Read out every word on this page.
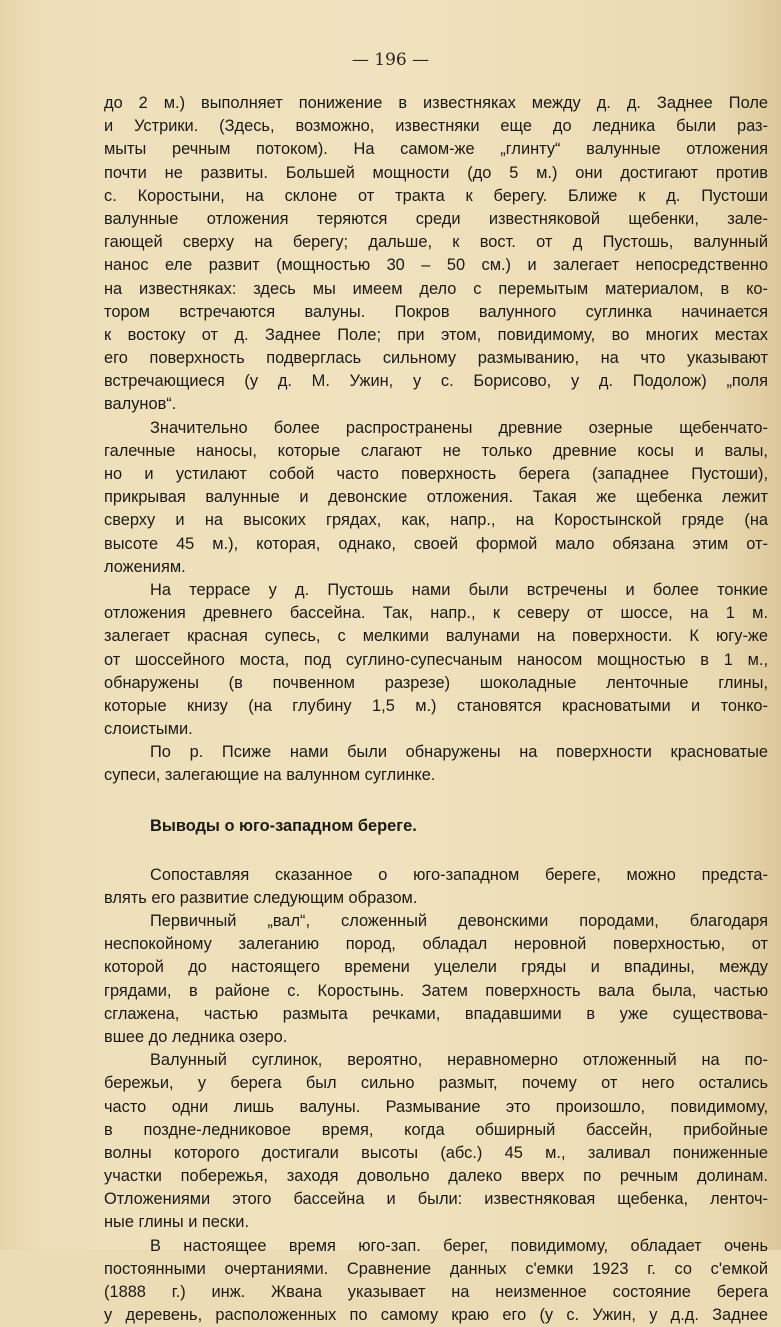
— 196 —
до 2 м.) выполняет понижение в известняках между д. д. Заднее Поле
и Устрики. (Здесь, возможно, известняки еще до ледника были раз-
мыты речным потоком). На самом-же „глинту“ валунные отложения
почти не развиты. Большей мощности (до 5 м.) они достигают против
с. Коростыни, на склоне от тракта к берегу. Ближе к д. Пустоши
валунные отложения теряются среди известняковой щебенки, зале-
гающей сверху на берегу; дальше, к вост. от д Пустошь, валунный
нанос еле развит (мощностью 30 – 50 см.) и залегает непосредственно
на известняках: здесь мы имеем дело с перемытым материалом, в ко-
тором встречаются валуны. Покров валунного суглинка начинается
к востоку от д. Заднее Поле; при этом, повидимому, во многих местах
его поверхность подверглась сильному размыванию, на что указывают
встречающиеся (у д. М. Ужин, у с. Борисово, у д. Подолож) „поля
валунов“.
Значительно более распространены древние озерные щебенчато-
галечные наносы, которые слагают не только древние косы и валы,
но и устилают собой часто поверхность берега (западнее Пустоши),
прикрывая валунные и девонские отложения. Такая же щебенка лежит
сверху и на высоких грядах, как, напр., на Коростынской гряде (на
высоте 45 м.), которая, однако, своей формой мало обязана этим от-
ложениям.
На террасе у д. Пустошь нами были встречены и более тонкие
отложения древнего бассейна. Так, напр., к северу от шоссе, на 1 м.
залегает красная супесь, с мелкими валунами на поверхности. К югу-же
от шоссейного моста, под суглино-супесчаным наносом мощностью в 1 м.,
обнаружены (в почвенном разрезе) шоколадные ленточные глины,
которые книзу (на глубину 1,5 м.) становятся красноватыми и тонко-
слоистыми.
По р. Псиже нами были обнаружены на поверхности красноватые
супеси, залегающие на валунном суглинке.
Выводы о юго-западном береге.
Сопоставляя сказанное о юго-западном береге, можно предста-
влять его развитие следующим образом.
Первичный „вал“, сложенный девонскими породами, благодаря
неспокойному залеганию пород, обладал неровной поверхностью, от
которой до настоящего времени уцелели гряды и впадины, между
грядами, в районе с. Коростынь. Затем поверхность вала была, частью
сглажена, частью размыта речками, впадавшими в уже существова-
вшее до ледника озеро.
Валунный суглинок, вероятно, неравномерно отложенный на по-
бережьи, у берега был сильно размыт, почему от него остались
часто одни лишь валуны. Размывание это произошло, повидимому,
в поздне-ледниковое время, когда обширный бассейн, прибойные
волны которого достигали высоты (абс.) 45 м., заливал пониженные
участки побережья, заходя довольно далеко вверх по речным долинам.
Отложениями этого бассейна и были: известняковая щебенка, ленточ-
ные глины и пески.
В настоящее время юго-зап. берег, повидимому, обладает очень
постоянными очертаниями. Сравнение данных с'емки 1923 г. со с'емкой
(1888 г.) инж. Жвана указывает на неизменное состояние берега
у деревень, расположенных по самому краю его (у с. Ужин, у д.д. Заднее
